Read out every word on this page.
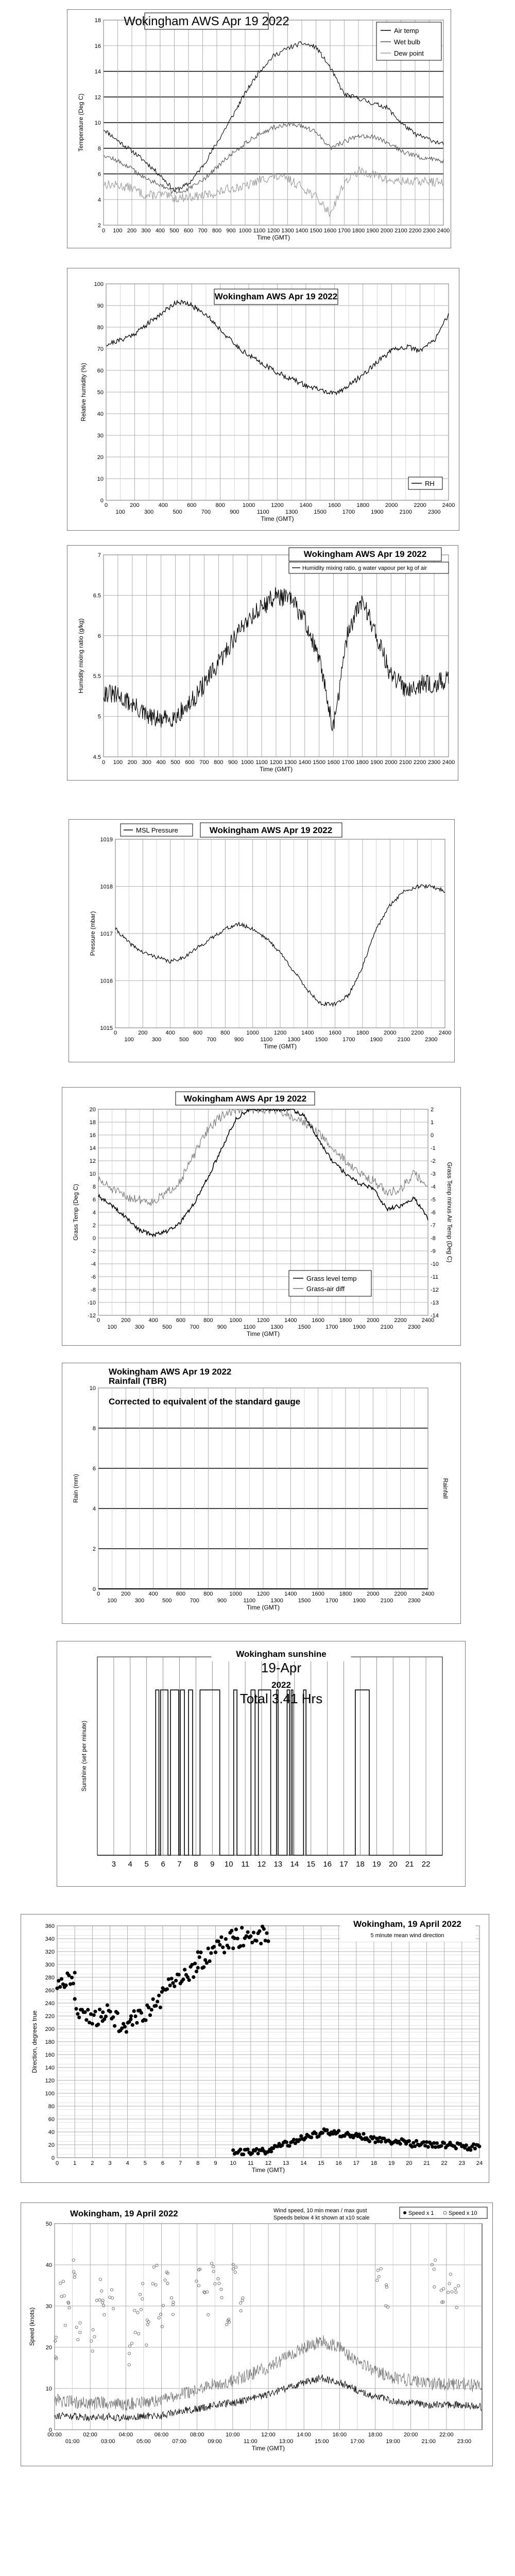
2
4
6
8
10
12
14
16
18
0 100 200 300 400 500 600 700 800 900 1000 1100 1200 1300 1400 1500 1600 1700 1800 1900 2000 2100 2200 2300 2400
Time (GMT)
Temperature (Deg C)
Wokingham AWS Apr 19 2022
Air temp
Wet bulb
Dew point
0
10
20
30
40
50
60
70
80
90
100
0	200	400	600	800	1000	1200	1400	1600	1800	2000	2200	2400
100	300	500	700	900	1100	1300	1500	1700	1900	2100	2300
Time (GMT)
Relative humidity (%)
Wokingham AWS Apr 19 2022
RH
4.5
5
5.5
6
6.5
7
0 100 200 300 400 500 600 700 800 900 1000 1100 1200 1300 1400 1500 1600 1700 1800 1900 2000 2100 2200 2300 2400
Time (GMT)
Humidity mixing ratio (g/kg)
Wokingham AWS Apr 19 2022
Humidity mixing ratio, g water vapour per kg of air
1015
1016
1017
1018
1019
0	200	400	600	800	1000	1200	1400	1600	1800	2000	2200	2400
100	300	500	700	900	1100	1300	1500	1700	1900	2100	2300
Time (GMT)
Pressure (mbar)
MSL Pressure	Wokingham AWS Apr 19 2022
-12
-10
-8
-6
-4
-2
0
2
4
6
8
10
12
14
16
18
20
0	200	400	600	800	1000	1200	1400	1600	1800	2000	2200	2400
100	300	500	700	900	1100	1300	1500	1700	1900	2100	2300
Time (GMT)
Grass Temp (Deg C)
-14
-13
-12
-11
-10
-9
-8
-7
-6
-5
-4
-3
-2
-1
0
1
2
Grass Temp minus Air Temp (Deg C)
Wokingham AWS Apr 19 2022
Grass level temp
Grass-air diff
0
2
4
6
8
10
0	200	400	600	800	1000	1200	1400	1600	1800	2000	2200	2400
100	300	500	700	900	1100	1300	1500	1700	1900	2100	2300
Time (GMT)
Rain (mm)	Rainfall
Wokingham AWS Apr 19 2022
Rainfall (TBR)
Corrected to equivalent of the standard gauge
3 4 5 6 7 8 9 10 11 12 13 14 15 16 17 18 19 20 21 22
Sunshine (set per minute)
Wokingham sunshine
19-Apr
2022
Total 3.41 Hrs
0
20
40
60
80
100
120
140
160
180
200
220
240
260
280
300
320
340
360
0	1	2	3	4	5	6	7	8	9 10 11 12 13 14 15 16 17 18 19 20 21 22 23 24
Time (GMT)
Direction, degrees true
Wokingham, 19 April 2022
5 minute mean wind direction
0
10
20
30
40
50
00:00	02:00	04:00	06:00	08:00	10:00	12:00	14:00	16:00	18:00	20:00	22:00
01:00	03:00	05:00	07:00	09:00	11:00	13:00	15:00	17:00	19:00	21:00	23:00
Time (GMT)
Speed (knots)
Wokingham, 19 April 2022	Wind speed, 10 min mean / max gust
Speeds below 4 kt shown at x10 scale
Speed x 1	Speed x 10
